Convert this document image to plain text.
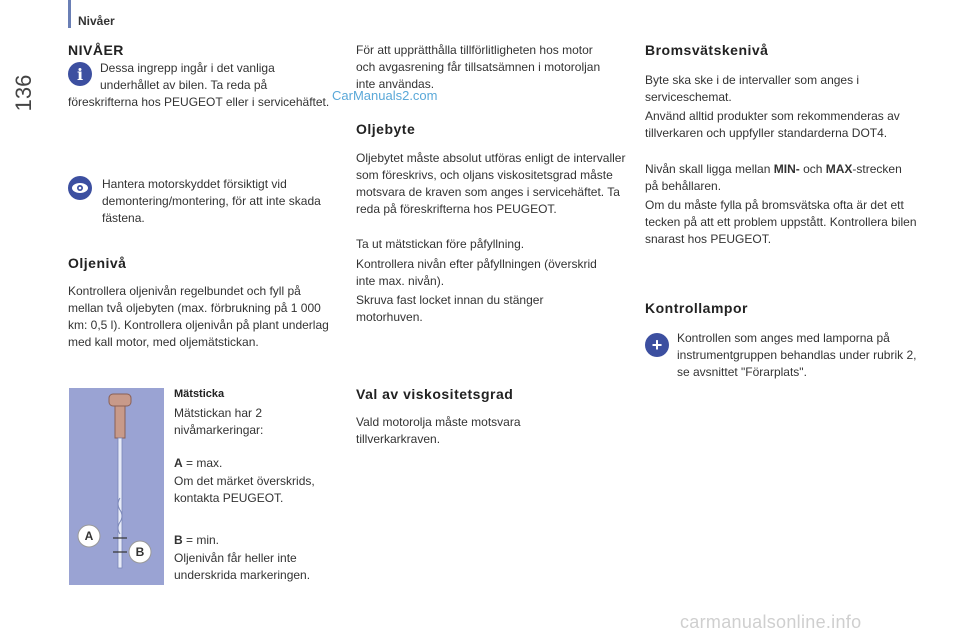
Nivåer
136
NIVÅER
i	Dessa ingrepp ingår i det vanliga

underhållet av bilen. Ta reda på

föreskrifterna hos PEUGEOT eller i servicehäftet.

Hantera motorskyddet försiktigt vid demontering/montering, för att inte skada fästena.

Oljenivå

Kontrollera oljenivån regelbundet och fyll på mellan två oljebyten (max. förbrukning på 1 000 km: 0,5 l). Kontrollera oljenivån på plant underlag med kall motor, med oljemätstickan.

A
B
Mätsticka

Mätstickan har 2 nivåmarkeringar:

A = max.

Om det märket överskrids, kontakta PEUGEOT.

B = min.

Oljenivån får heller inte underskrida markeringen.

För att upprätthålla tillförlitligheten hos motor och avgasrening får tillsatsämnen i motoroljan inte användas.

CarManuals2.com
Oljebyte

Oljebytet måste absolut utföras enligt de intervaller som föreskrivs, och oljans viskositetsgrad måste motsvara de kraven som anges i servicehäftet. Ta reda på föreskrifterna hos PEUGEOT.

Ta ut mätstickan före påfyllning.

Kontrollera nivån efter påfyllningen (överskrid inte max. nivån).

Skruva fast locket innan du stänger motorhuven.

Val av viskositetsgrad

Vald motorolja måste motsvara tillverkarkraven.

Bromsvätskenivå

Byte ska ske i de intervaller som anges i serviceschemat.

Använd alltid produkter som rekommenderas av tillverkaren och uppfyller standarderna DOT4.

Nivån skall ligga mellan MIN- och MAX-strecken på behållaren.

Om du måste fylla på bromsvätska ofta är det ett tecken på att ett problem uppstått. Kontrollera bilen snarast hos PEUGEOT.

Kontrollampor
+	Kontrollen som anges med lamporna på instrumentgruppen behandlas under rubrik 2, se avsnittet "Förarplats".

carmanualsonline.info
